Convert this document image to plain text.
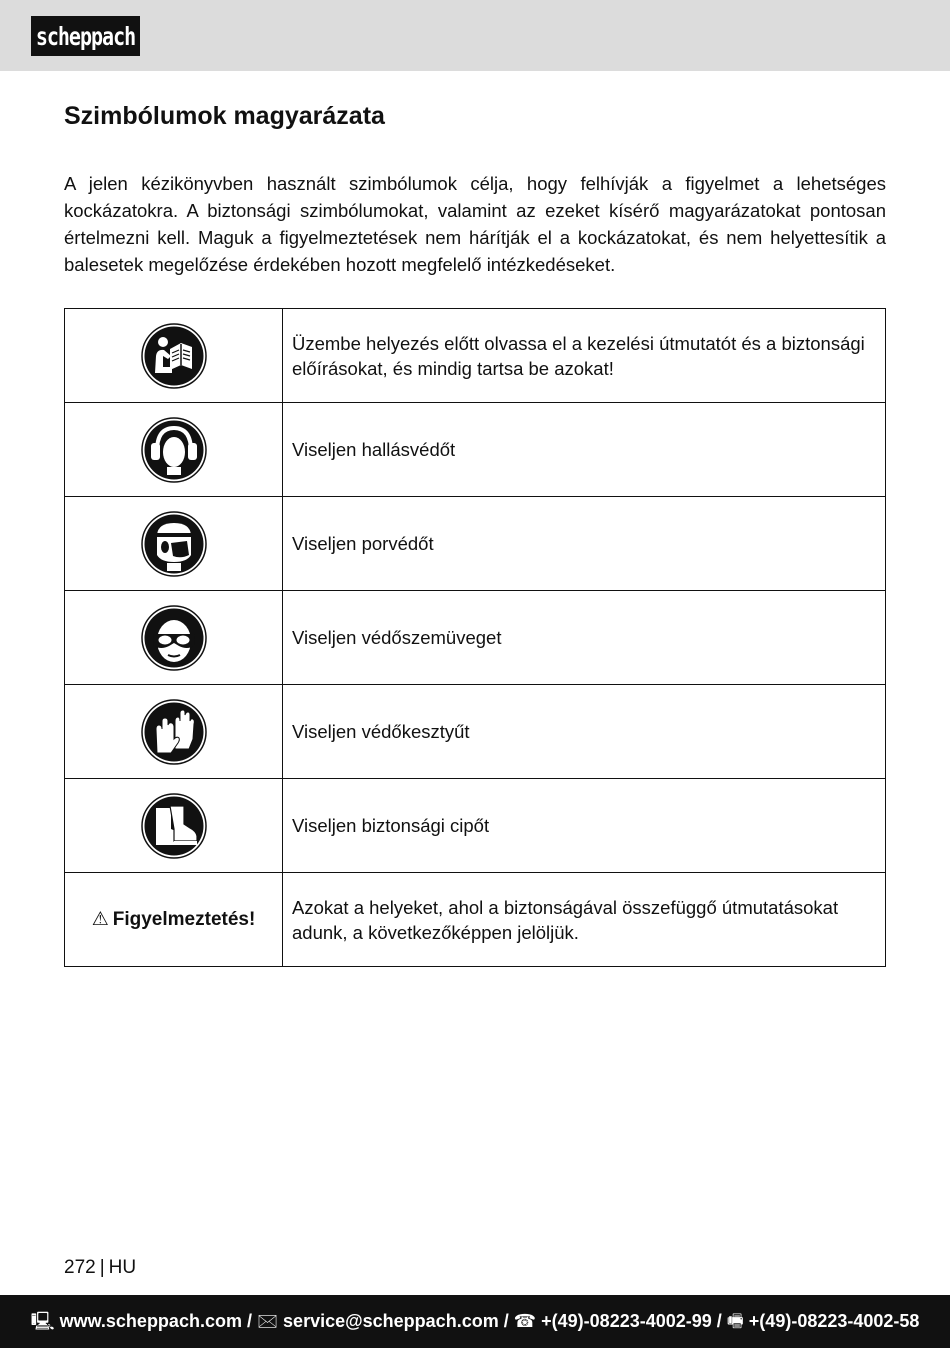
scheppach
Szimbólumok magyarázata

A jelen kézikönyvben használt szimbólumok célja, hogy felhívják a figyelmet a lehetséges kockázatokra. A biztonsági szimbólumokat, valamint az ezeket kísérő magyarázatokat pontosan értelmezni kell. Maguk a figyelmeztetések nem hárítják el a kockázatokat, és nem helyettesítik a balesetek megelőzése érdekében hozott megfelelő intézkedéseket.

	Üzembe helyezés előtt olvassa el a kezelési útmutatót és a biztonsági előírásokat, és mindig tartsa be azokat!

	Viseljen hallásvédőt

	Viseljen porvédőt

	Viseljen védőszemüveget

	Viseljen védőkesztyűt

	Viseljen biztonsági cipőt
⚠ Figyelmeztetés!	Azokat a helyeket, ahol a biztonságával összefüggő útmutatásokat adunk, a következőképpen jelöljük.
272 | HU
🖳 www.scheppach.com / 🖂 service@scheppach.com / ☎ +(49)-08223-4002-99 / 🖷 +(49)-08223-4002-58
